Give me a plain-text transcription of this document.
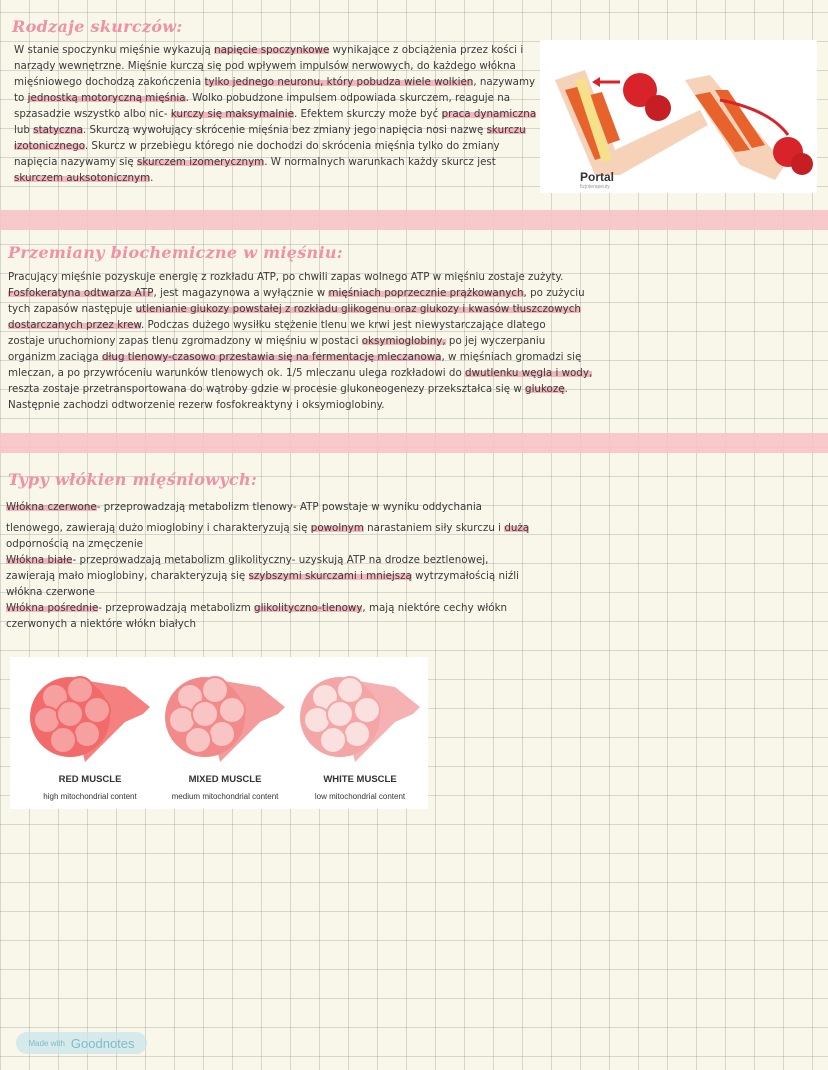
Rodzaje skurczów:
W stanie spoczynku mięśnie wykazują napięcie spoczynkowe wynikające z obciążenia przez kości i
narządy wewnętrzne. Mięśnie kurczą się pod wpływem impulsów nerwowych, do każdego włókna
mięśniowego dochodzą zakończenia tylko jednego neuronu, który pobudza wiele wolkien, nazywamy
to jednostką motoryczną mięśnia. Wolko pobudzone impulsem odpowiada skurczem, reaguje na
spzasadzie wszystko albo nic- kurczy się maksymalnie. Efektem skurczy może być praca dynamiczna
lub statyczna. Skurczą wywołujący skrócenie mięśnia bez zmiany jego napięcia nosi nazwę skurczu
izotonicznego. Skurcz w przebiegu którego nie dochodzi do skrócenia mięśnia tylko do zmiany
napięcia nazywamy się skurczem izomerycznym. W normalnych warunkach każdy skurcz jest
skurczem auksotonicznym.	Portal
fizjoterapeuty
Przemiany biochemiczne w mięśniu:
Pracujący mięśnie pozyskuje energię z rozkładu ATP, po chwili zapas wolnego ATP w mięśniu zostaje zużyty.
Fosfokeratyna odtwarza ATP, jest magazynowa a wyłącznie w mięśniach poprzecznie prążkowanych, po zużyciu
tych zapasów następuje utlenianie glukozy powstałej z rozkładu glikogenu oraz glukozy i kwasów tłuszczowych
dostarczanych przez krew. Podczas dużego wysiłku stężenie tlenu we krwi jest niewystarczające dlatego
zostaje uruchomiony zapas tlenu zgromadzony w mięśniu w postaci oksymioglobiny, po jej wyczerpaniu
organizm zaciąga dług tlenowy-czasowo przestawia się na fermentację mleczanowa, w mięśniach gromadzi się
mleczan, a po przywróceniu warunków tlenowych ok. 1/5 mleczanu ulega rozkładowi do dwutlenku węgla i wody,
reszta zostaje przetransportowana do wątroby gdzie w procesie glukoneogenezy przekształca się w glukozę.
Następnie zachodzi odtworzenie rezerw fosfokreaktyny i oksymioglobiny.
Typy włókien mięśniowych:
Włókna czerwone- przeprowadzają metabolizm tlenowy- ATP powstaje w wyniku oddychania
tlenowego, zawierają dużo mioglobiny i charakteryzują się powolnym narastaniem siły skurczu i dużą
odpornością na zmęczenie
Włókna białe- przeprowadzają metabolizm glikolityczny- uzyskują ATP na drodze beztlenowej,
zawierają mało mioglobiny, charakteryzują się szybszymi skurczami i mniejszą wytrzymałością niźli
włókna czerwone
Włókna pośrednie- przeprowadzają metabolizm glikolityczno-tlenowy, mają niektóre cechy włókn
czerwonych a niektóre włókn białych
RED MUSCLE
high mitochondrial content
MIXED MUSCLE
medium mitochondrial content
WHITE MUSCLE
low mitochondrial content
Made with Goodnotes
